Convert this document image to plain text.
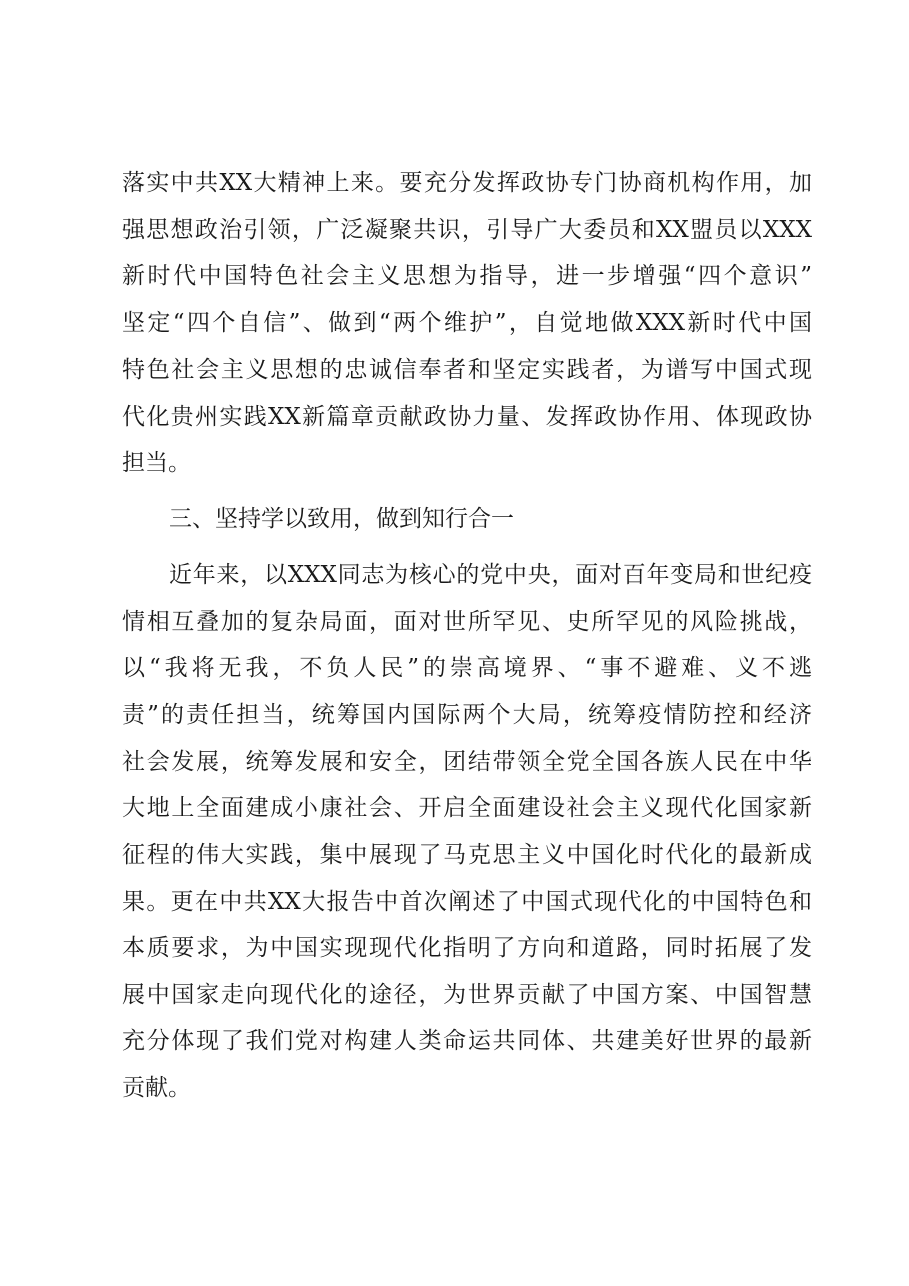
落实中共XX大精神上来。要充分发挥政协专门协商机构作用，加
强思想政治引领，广泛凝聚共识，引导广大委员和XX盟员以XXX
新时代中国特色社会主义思想为指导，进一步增强“四个意识”
坚定“四个自信”、做到“两个维护”，自觉地做XXX新时代中国
特色社会主义思想的忠诚信奉者和坚定实践者，为谱写中国式现
代化贵州实践XX新篇章贡献政协力量、发挥政协作用、体现政协
担当。
三、坚持学以致用，做到知行合一
近年来，以XXX同志为核心的党中央，面对百年变局和世纪疫
情相互叠加的复杂局面，面对世所罕见、史所罕见的风险挑战，
以“我将无我，不负人民”的崇高境界、“事不避难、义不逃
责”的责任担当，统筹国内国际两个大局，统筹疫情防控和经济
社会发展，统筹发展和安全，团结带领全党全国各族人民在中华
大地上全面建成小康社会、开启全面建设社会主义现代化国家新
征程的伟大实践，集中展现了马克思主义中国化时代化的最新成
果。更在中共XX大报告中首次阐述了中国式现代化的中国特色和
本质要求，为中国实现现代化指明了方向和道路，同时拓展了发
展中国家走向现代化的途径，为世界贡献了中国方案、中国智慧
充分体现了我们党对构建人类命运共同体、共建美好世界的最新
贡献。
